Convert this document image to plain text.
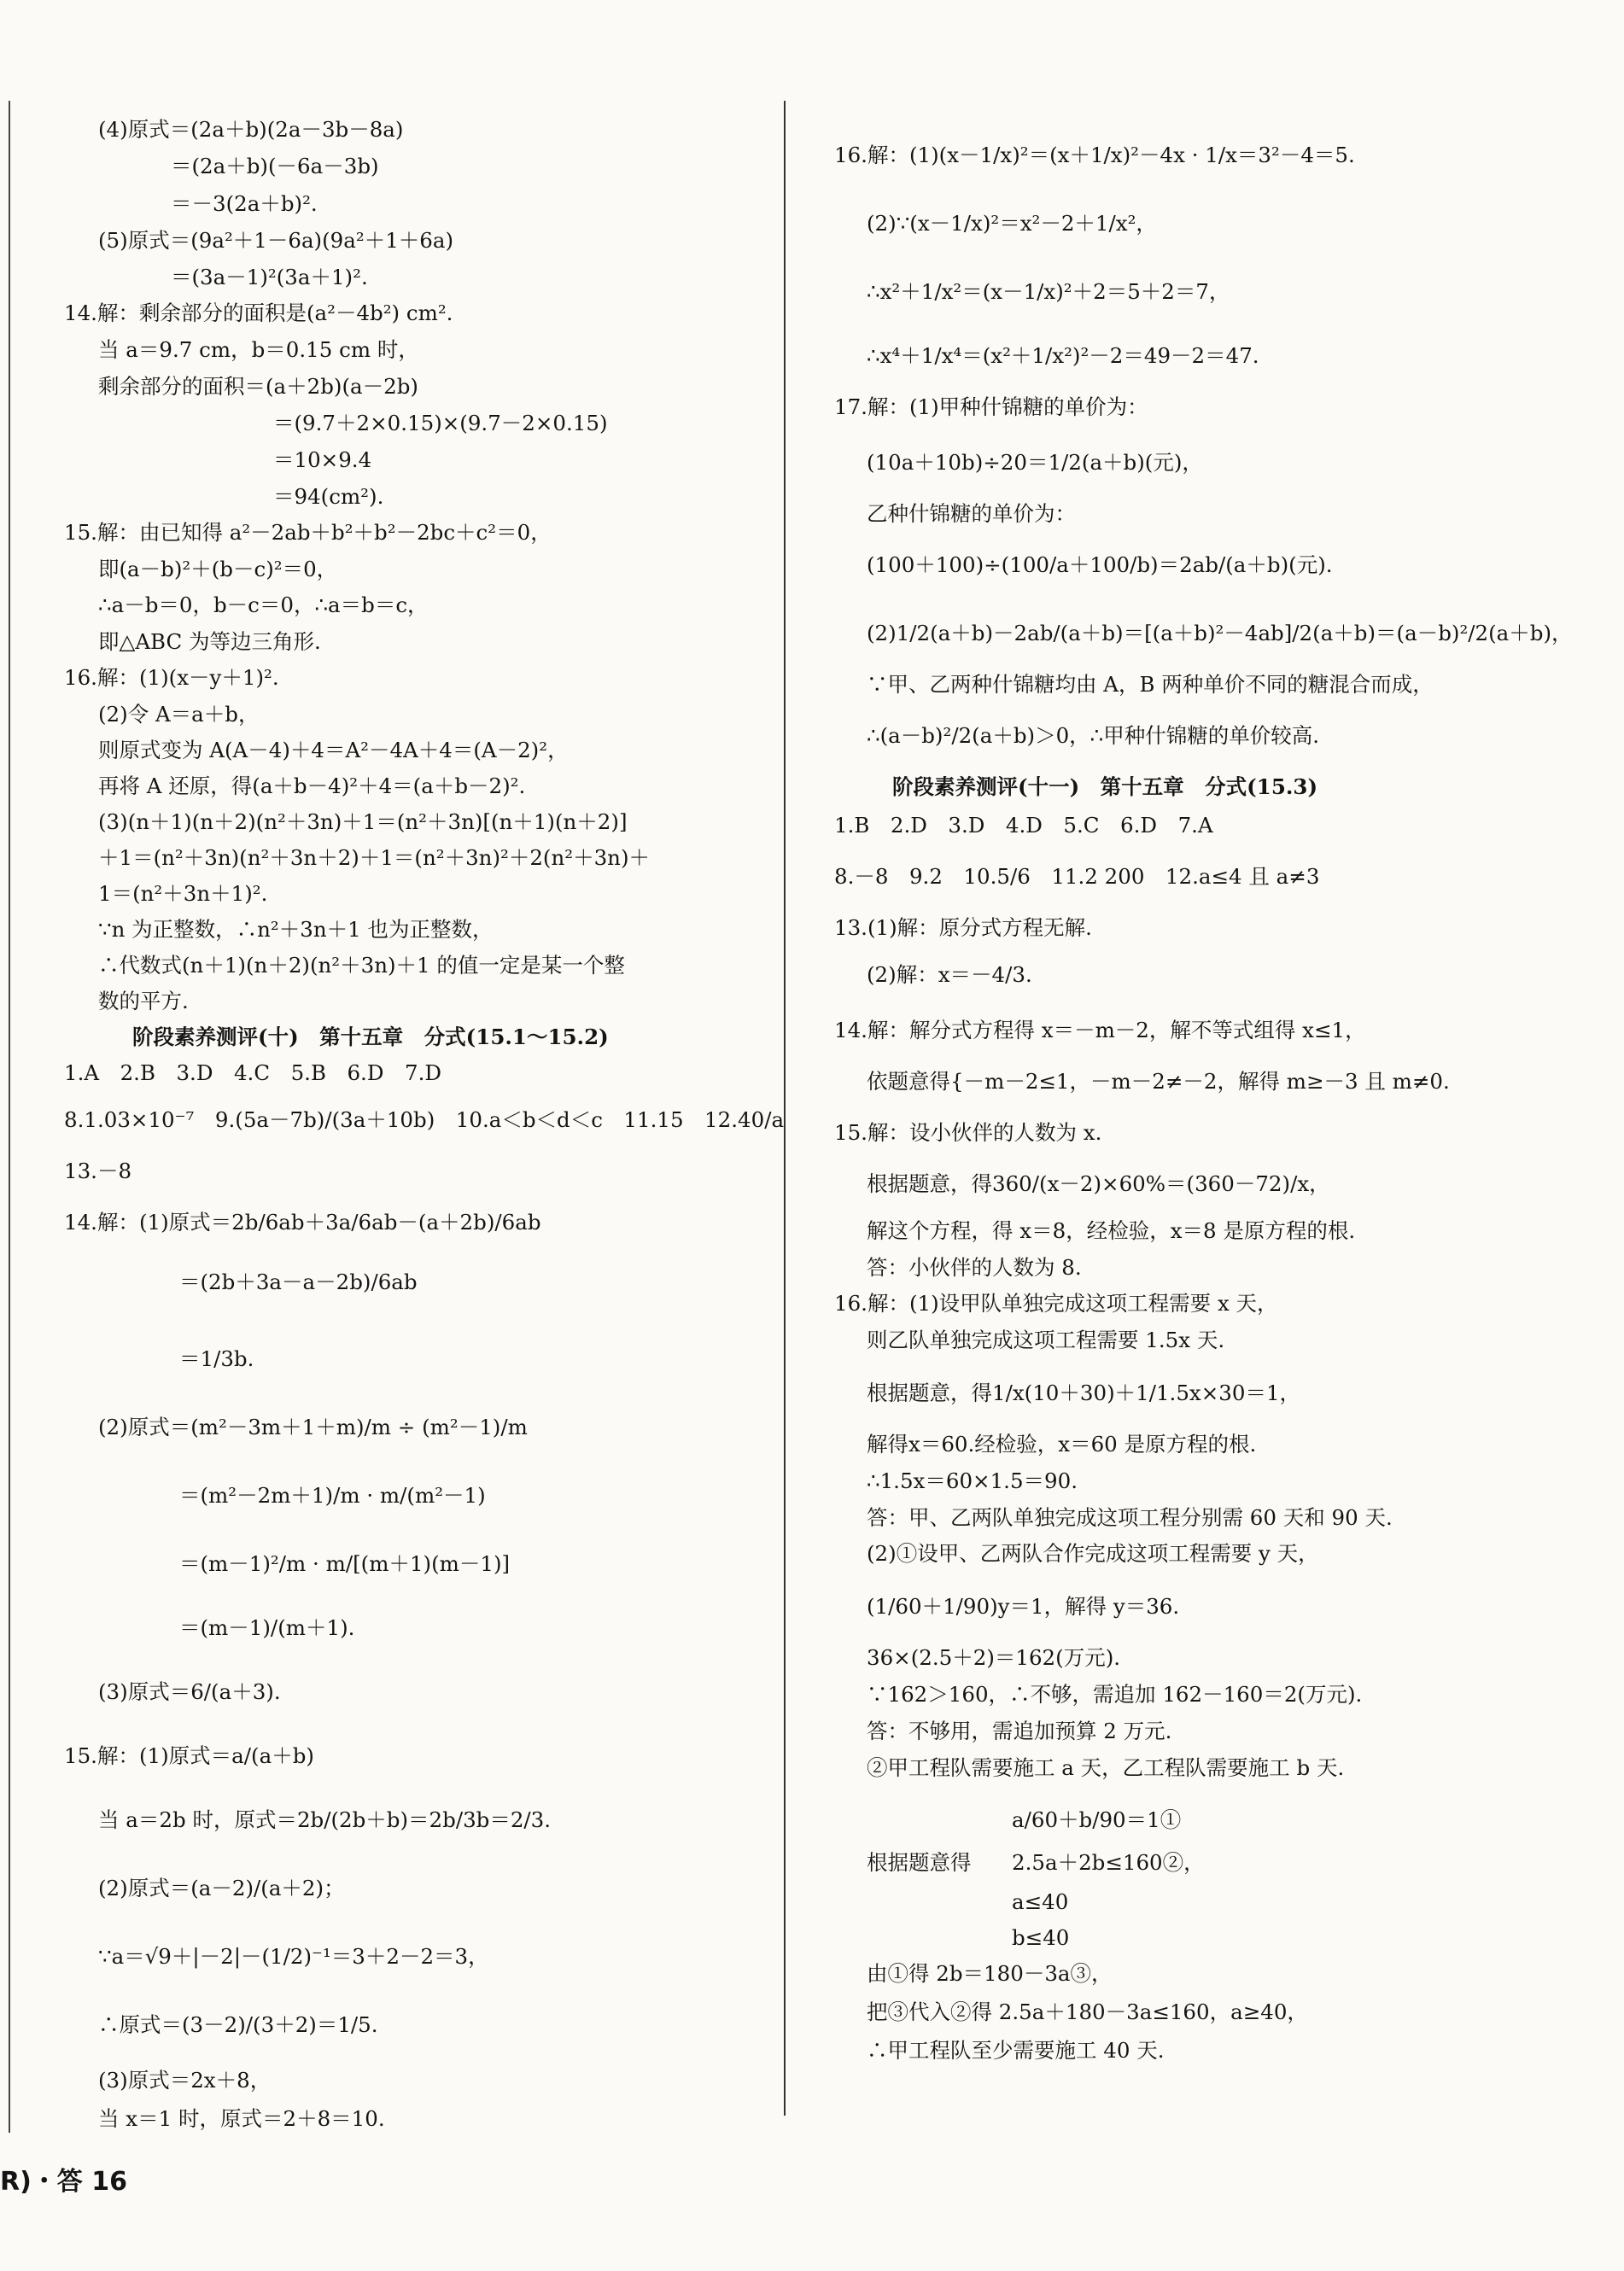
(4)原式＝(2a＋b)(2a－3b－8a)
＝(2a＋b)(－6a－3b)
＝－3(2a＋b)².
(5)原式＝(9a²＋1－6a)(9a²＋1＋6a)
＝(3a－1)²(3a＋1)².
14.解：剩余部分的面积是(a²－4b²) cm².
当 a＝9.7 cm，b＝0.15 cm 时，
剩余部分的面积＝(a＋2b)(a－2b)
＝(9.7＋2×0.15)×(9.7－2×0.15)
＝10×9.4
＝94(cm²).
15.解：由已知得 a²－2ab＋b²＋b²－2bc＋c²＝0，
即(a－b)²＋(b－c)²＝0，
∴a－b＝0，b－c＝0，∴a＝b＝c，
即△ABC 为等边三角形.
16.解：(1)(x－y＋1)².
(2)令 A＝a＋b，
则原式变为 A(A－4)＋4＝A²－4A＋4＝(A－2)²，
再将 A 还原，得(a＋b－4)²＋4＝(a＋b－2)².
(3)(n＋1)(n＋2)(n²＋3n)＋1＝(n²＋3n)[(n＋1)(n＋2)]
＋1＝(n²＋3n)(n²＋3n＋2)＋1＝(n²＋3n)²＋2(n²＋3n)＋
1＝(n²＋3n＋1)².
∵n 为正整数，∴n²＋3n＋1 也为正整数，
∴代数式(n＋1)(n＋2)(n²＋3n)＋1 的值一定是某一个整
数的平方.
阶段素养测评(十)　第十五章　分式(15.1～15.2)
1.A　2.B　3.D　4.C　5.B　6.D　7.D
8.1.03×10⁻⁷　9.(5a－7b)/(3a＋10b)　10.a＜b＜d＜c　11.15　12.40/a
13.－8
14.解：(1)原式＝2b/6ab＋3a/6ab－(a＋2b)/6ab
＝(2b＋3a－a－2b)/6ab
＝1/3b.
(2)原式＝(m²－3m＋1＋m)/m ÷ (m²－1)/m
＝(m²－2m＋1)/m · m/(m²－1)
＝(m－1)²/m · m/[(m＋1)(m－1)]
＝(m－1)/(m＋1).
(3)原式＝6/(a＋3).
15.解：(1)原式＝a/(a＋b)
当 a＝2b 时，原式＝2b/(2b＋b)＝2b/3b＝2/3.
(2)原式＝(a－2)/(a＋2)；
∵a＝√9＋|－2|－(1/2)⁻¹＝3＋2－2＝3，
∴原式＝(3－2)/(3＋2)＝1/5.
(3)原式＝2x＋8，
当 x＝1 时，原式＝2＋8＝10.
16.解：(1)(x－1/x)²＝(x＋1/x)²－4x · 1/x＝3²－4＝5.
(2)∵(x－1/x)²＝x²－2＋1/x²，
∴x²＋1/x²＝(x－1/x)²＋2＝5＋2＝7，
∴x⁴＋1/x⁴＝(x²＋1/x²)²－2＝49－2＝47.
17.解：(1)甲种什锦糖的单价为：
(10a＋10b)÷20＝1/2(a＋b)(元)，
乙种什锦糖的单价为：
(100＋100)÷(100/a＋100/b)＝2ab/(a＋b)(元).
(2)1/2(a＋b)－2ab/(a＋b)＝[(a＋b)²－4ab]/2(a＋b)＝(a－b)²/2(a＋b)，
∵甲、乙两种什锦糖均由 A，B 两种单价不同的糖混合而成，
∴(a－b)²/2(a＋b)＞0，∴甲种什锦糖的单价较高.
阶段素养测评(十一)　第十五章　分式(15.3)
1.B　2.D　3.D　4.D　5.C　6.D　7.A
8.－8　9.2　10.5/6　11.2 200　12.a≤4 且 a≠3
13.(1)解：原分式方程无解.
(2)解：x＝－4/3.
14.解：解分式方程得 x＝－m－2，解不等式组得 x≤1，
依题意得{－m－2≤1，－m－2≠－2，解得 m≥－3 且 m≠0.
15.解：设小伙伴的人数为 x.
根据题意，得360/(x－2)×60%＝(360－72)/x，
解这个方程，得 x＝8，经检验，x＝8 是原方程的根.
答：小伙伴的人数为 8.
16.解：(1)设甲队单独完成这项工程需要 x 天，
则乙队单独完成这项工程需要 1.5x 天.
根据题意，得1/x(10＋30)＋1/1.5x×30＝1，
解得x＝60.经检验，x＝60 是原方程的根.
∴1.5x＝60×1.5＝90.
答：甲、乙两队单独完成这项工程分别需 60 天和 90 天.
(2)①设甲、乙两队合作完成这项工程需要 y 天，
(1/60＋1/90)y＝1，解得 y＝36.
36×(2.5＋2)＝162(万元).
∵162＞160，∴不够，需追加 162－160＝2(万元).
答：不够用，需追加预算 2 万元.
②甲工程队需要施工 a 天，乙工程队需要施工 b 天.
a/60＋b/90＝1①
根据题意得 2.5a＋2b≤160②，
a≤40
b≤40
由①得 2b＝180－3a③，
把③代入②得 2.5a＋180－3a≤160，a≥40，
∴甲工程队至少需要施工 40 天.
R)・答 16
